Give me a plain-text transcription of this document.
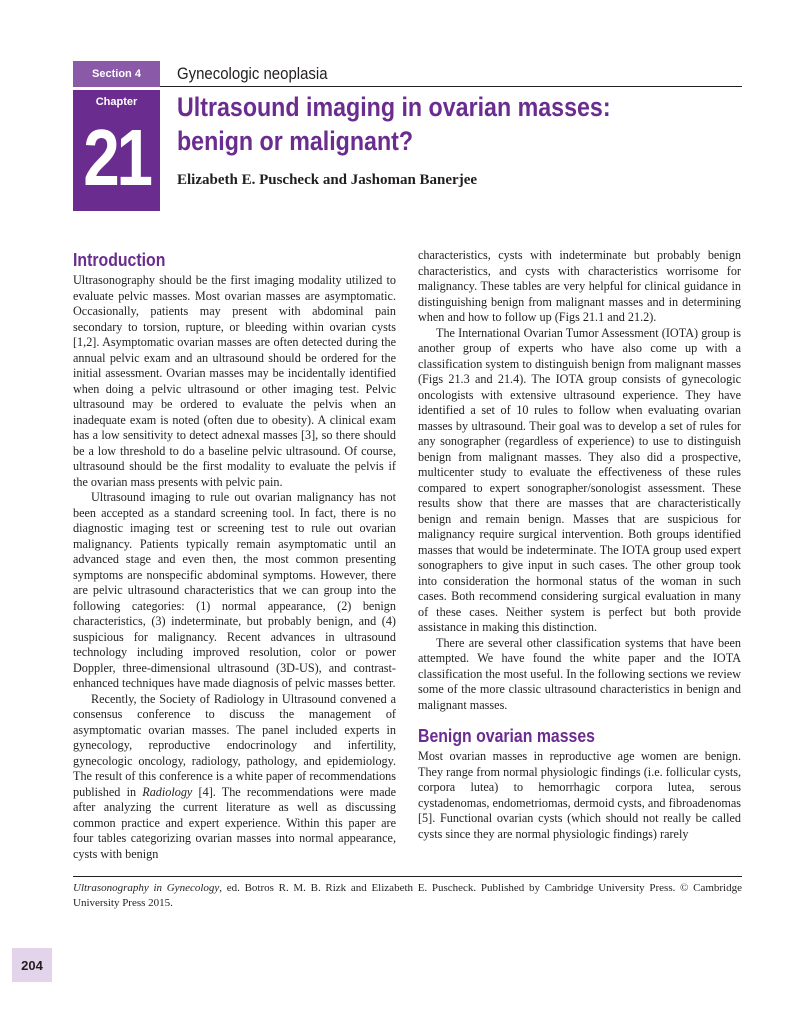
Section 4	Gynecologic neoplasia
Chapter
21
Ultrasound imaging in ovarian masses: benign or malignant?
Elizabeth E. Puscheck and Jashoman Banerjee
Introduction

Ultrasonography should be the first imaging modality utilized to evaluate pelvic masses. Most ovarian masses are asymptomatic. Occasionally, patients may present with abdominal pain secondary to torsion, rupture, or bleeding within ovarian cysts [1,2]. Asymptomatic ovarian masses are often detected during the annual pelvic exam and an ultrasound should be ordered for the initial assessment. Ovarian masses may be incidentally identified when doing a pelvic ultrasound or other imaging test. Pelvic ultrasound may be ordered to evaluate the pelvis when an inadequate exam is noted (often due to obesity). A clinical exam has a low sensitivity to detect adnexal masses [3], so there should be a low threshold to do a baseline pelvic ultrasound. Of course, ultrasound should be the first modality to evaluate the pelvis if the ovarian mass presents with pelvic pain.

Ultrasound imaging to rule out ovarian malignancy has not been accepted as a standard screening tool. In fact, there is no diagnostic imaging test or screening test to rule out ovarian malignancy. Patients typically remain asymptomatic until an advanced stage and even then, the most common presenting symptoms are nonspecific abdominal symptoms. However, there are pelvic ultrasound characteristics that we can group into the following categories: (1) normal appearance, (2) benign characteristics, (3) indeterminate, but probably benign, and (4) suspicious for malignancy. Recent advances in ultrasound technology including improved resolution, color or power Doppler, three-dimensional ultrasound (3D-US), and contrast-enhanced techniques have made diagnosis of pelvic masses better.

Recently, the Society of Radiology in Ultrasound convened a consensus conference to discuss the management of asymptomatic ovarian masses. The panel included experts in gynecology, reproductive endocrinology and infertility, gynecologic oncology, radiology, pathology, and epidemiology. The result of this conference is a white paper of recommendations published in Radiology [4]. The recommendations were made after analyzing the current literature as well as discussing common practice and expert experience. Within this paper are four tables categorizing ovarian masses into normal appearance, cysts with benign

characteristics, cysts with indeterminate but probably benign characteristics, and cysts with characteristics worrisome for malignancy. These tables are very helpful for clinical guidance in distinguishing benign from malignant masses and in determining when and how to follow up (Figs 21.1 and 21.2).

The International Ovarian Tumor Assessment (IOTA) group is another group of experts who have also come up with a classification system to distinguish benign from malignant masses (Figs 21.3 and 21.4). The IOTA group consists of gynecologic oncologists with extensive ultrasound experience. They have identified a set of 10 rules to follow when evaluating ovarian masses by ultrasound. Their goal was to develop a set of rules for any sonographer (regardless of experience) to use to distinguish benign from malignant masses. They also did a prospective, multicenter study to evaluate the effectiveness of these rules compared to expert sonographer/sonologist assessment. These results show that there are masses that are characteristically benign and remain benign. Masses that are suspicious for malignancy require surgical intervention. Both groups identified masses that would be indeterminate. The IOTA group used expert sonographers to give input in such cases. The other group took into consideration the hormonal status of the woman in such cases. Both recommend considering surgical evaluation in many of these cases. Neither system is perfect but both provide assistance in making this distinction.

There are several other classification systems that have been attempted. We have found the white paper and the IOTA classification the most useful. In the following sections we review some of the more classic ultrasound characteristics in benign and malignant masses.

Benign ovarian masses

Most ovarian masses in reproductive age women are benign. They range from normal physiologic findings (i.e. follicular cysts, corpora lutea) to hemorrhagic corpora lutea, serous cystadenomas, endometriomas, dermoid cysts, and fibroadenomas [5]. Functional ovarian cysts (which should not really be called cysts since they are normal physiologic findings) rarely

Ultrasonography in Gynecology, ed. Botros R. M. B. Rizk and Elizabeth E. Puscheck. Published by Cambridge University Press. © Cambridge University Press 2015.
204
